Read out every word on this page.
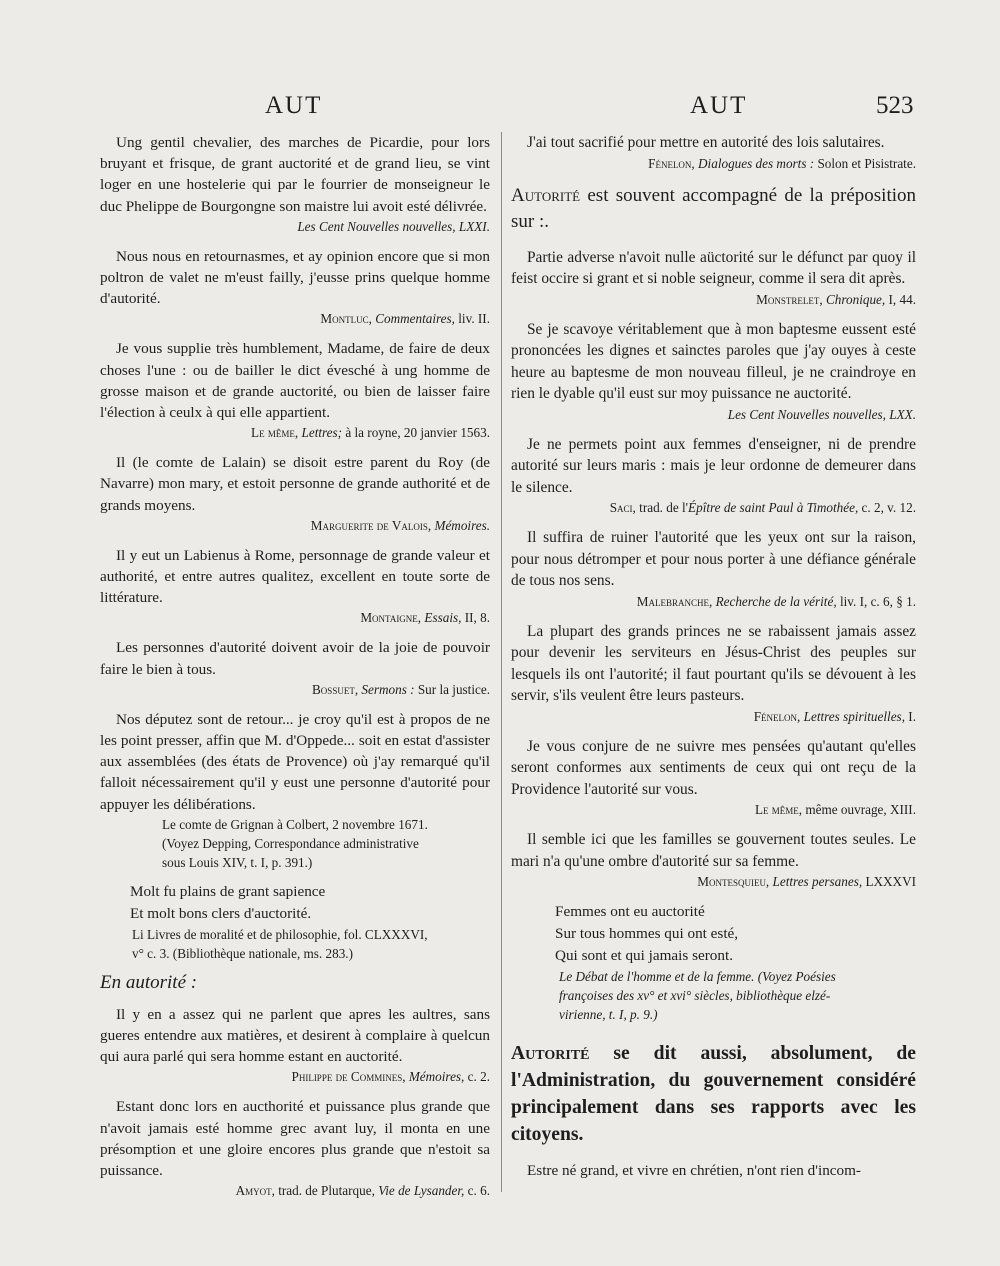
AUT	AUT	523

Ung gentil chevalier, des marches de Picardie, pour lors bruyant et frisque, de grant auctorité et de grand lieu, se vint loger en une hostelerie qui par le fourrier de monseigneur le duc Phelippe de Bourgongne son maistre lui avoit esté délivrée.

Les Cent Nouvelles nouvelles, LXXI.

Nous nous en retournasmes, et ay opinion encore que si mon poltron de valet ne m'eust failly, j'eusse prins quelque homme d'autorité.

Montluc, Commentaires, liv. II.

Je vous supplie très humblement, Madame, de faire de deux choses l'une : ou de bailler le dict évesché à ung homme de grosse maison et de grande auctorité, ou bien de laisser faire l'élection à ceulx à qui elle appartient.

Le même, Lettres; à la royne, 20 janvier 1563.

Il (le comte de Lalain) se disoit estre parent du Roy (de Navarre) mon mary, et estoit personne de grande authorité et de grands moyens.

Marguerite de Valois, Mémoires.

Il y eut un Labienus à Rome, personnage de grande valeur et authorité, et entre autres qualitez, excellent en toute sorte de littérature.

Montaigne, Essais, II, 8.

Les personnes d'autorité doivent avoir de la joie de pouvoir faire le bien à tous.

Bossuet, Sermons : Sur la justice.

Nos députez sont de retour... je croy qu'il est à propos de ne les point presser, affin que M. d'Oppede... soit en estat d'assister aux assemblées (des états de Provence) où j'ay remarqué qu'il falloit nécessairement qu'il y eust une personne d'autorité pour appuyer les délibérations.

Le comte de Grignan à Colbert, 2 novembre 1671.
(Voyez Depping, Correspondance administrative
sous Louis XIV, t. I, p. 391.)
Molt fu plains de grant sapience
Et molt bons clers d'auctorité.
Li Livres de moralité et de philosophie, fol. CLXXXVI,
v° c. 3. (Bibliothèque nationale, ms. 283.)
En autorité :

Il y en a assez qui ne parlent que apres les aultres, sans gueres entendre aux matières, et desirent à complaire à quelcun qui aura parlé qui sera homme estant en auctorité.

Philippe de Commines, Mémoires, c. 2.

Estant donc lors en aucthorité et puissance plus grande que n'avoit jamais esté homme grec avant luy, il monta en une présomption et une gloire encores plus grande que n'estoit sa puissance.

Amyot, trad. de Plutarque, Vie de Lysander, c. 6.

J'ai tout sacrifié pour mettre en autorité des lois salutaires.

Fénelon, Dialogues des morts : Solon et Pisistrate.

Autorité est souvent accompagné de la préposition sur :.

Partie adverse n'avoit nulle aüctorité sur le défunct par quoy il feist occire si grant et si noble seigneur, comme il sera dit après.

Monstrelet, Chronique, I, 44.

Se je scavoye véritablement que à mon baptesme eussent esté prononcées les dignes et sainctes paroles que j'ay ouyes à ceste heure au baptesme de mon nouveau filleul, je ne craindroye en rien le dyable qu'il eust sur moy puissance ne auctorité.

Les Cent Nouvelles nouvelles, LXX.

Je ne permets point aux femmes d'enseigner, ni de prendre autorité sur leurs maris : mais je leur ordonne de demeurer dans le silence.

Saci, trad. de l'Épître de saint Paul à Timothée, c. 2, v. 12.

Il suffira de ruiner l'autorité que les yeux ont sur la raison, pour nous détromper et pour nous porter à une défiance générale de tous nos sens.

Malebranche, Recherche de la vérité, liv. I, c. 6, § 1.

La plupart des grands princes ne se rabaissent jamais assez pour devenir les serviteurs en Jésus-Christ des peuples sur lesquels ils ont l'autorité; il faut pourtant qu'ils se dévouent à les servir, s'ils veulent être leurs pasteurs.

Fénelon, Lettres spirituelles, I.

Je vous conjure de ne suivre mes pensées qu'autant qu'elles seront conformes aux sentiments de ceux qui ont reçu de la Providence l'autorité sur vous.

Le même, même ouvrage, XIII.

Il semble ici que les familles se gouvernent toutes seules. Le mari n'a qu'une ombre d'autorité sur sa femme.

Montesquieu, Lettres persanes, LXXXVI

Femmes ont eu auctorité
Sur tous hommes qui ont esté,
Qui sont et qui jamais seront.
Le Débat de l'homme et de la femme. (Voyez Poésies
françoises des xv° et xvi° siècles, bibliothèque elzé-
virienne, t. I, p. 9.)

Autorité se dit aussi, absolument, de l'Administration, du gouvernement considéré principalement dans ses rapports avec les citoyens.

Estre né grand, et vivre en chrétien, n'ont rien d'incom-
